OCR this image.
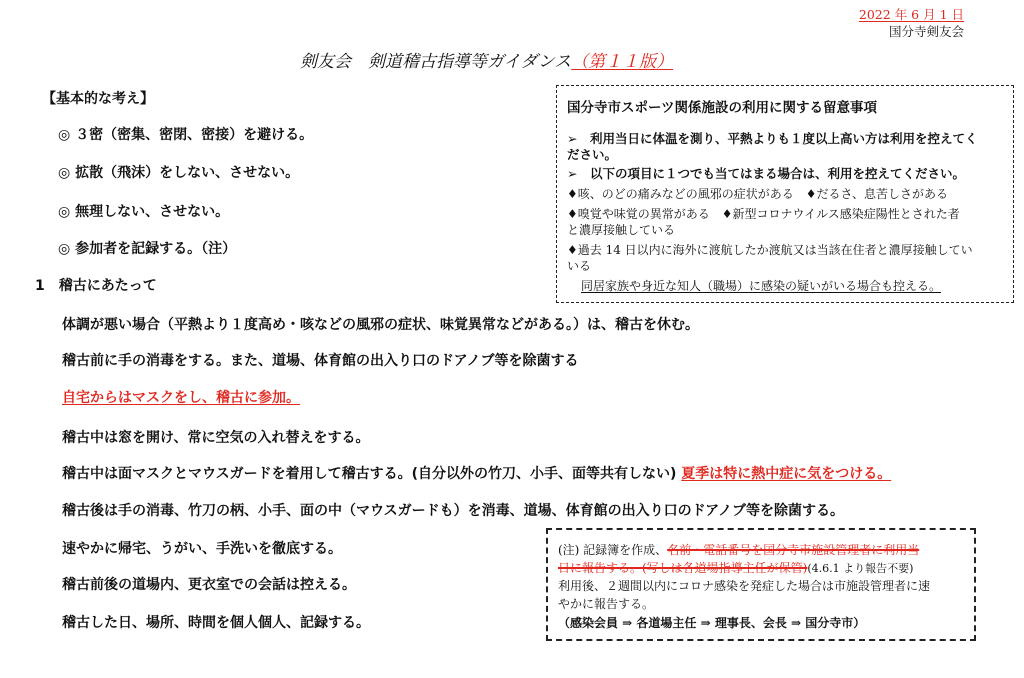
2022 年 6 月 1 日
国分寺剣友会
剣友会　剣道稽古指導等ガイダンス（第１１版）
【基本的な考え】
◎ ３密（密集、密閉、密接）を避ける。
◎ 拡散（飛沫）をしない、させない。
◎ 無理しない、させない。
◎ 参加者を記録する。（注）
1　稽古にあたって
体調が悪い場合（平熱より１度高め・咳などの風邪の症状、味覚異常などがある。）は、稽古を休む。
稽古前に手の消毒をする。また、道場、体育館の出入り口のドアノブ等を除菌する
自宅からはマスクをし、稽古に参加。
稽古中は窓を開け、常に空気の入れ替えをする。
稽古中は面マスクとマウスガードを着用して稽古する。(自分以外の竹刀、小手、面等共有しない) 夏季は特に熱中症に気をつける。
稽古後は手の消毒、竹刀の柄、小手、面の中（マウスガードも）を消毒、道場、体育館の出入り口のドアノブ等を除菌する。
速やかに帰宅、うがい、手洗いを徹底する。
稽古前後の道場内、更衣室での会話は控える。
稽古した日、場所、時間を個人個人、記録する。
国分寺市スポーツ関係施設の利用に関する留意事項
➢　利用当日に体温を測り、平熱よりも１度以上高い方は利用を控えてく
ださい。
➢　以下の項目に１つでも当てはまる場合は、利用を控えてください。
♦咳、のどの痛みなどの風邪の症状がある　♦だるさ、息苦しさがある
♦嗅覚や味覚の異常がある　♦新型コロナウイルス感染症陽性とされた者
と濃厚接触している
♦過去 14 日以内に海外に渡航したか渡航又は当該在住者と濃厚接触してい
いる
同居家族や身近な知人（職場）に感染の疑いがいる場合も控える。
(注) 記録簿を作成、名前・電話番号を国分寺市施設管理者に利用当
日に報告する。(写しは各道場指導主任が保管)(4.6.1 より報告不要)
利用後、２週間以内にコロナ感染を発症した場合は市施設管理者に速
やかに報告する。
（感染会員 ⇒ 各道場主任 ⇒ 理事長、会長 ⇒ 国分寺市）
